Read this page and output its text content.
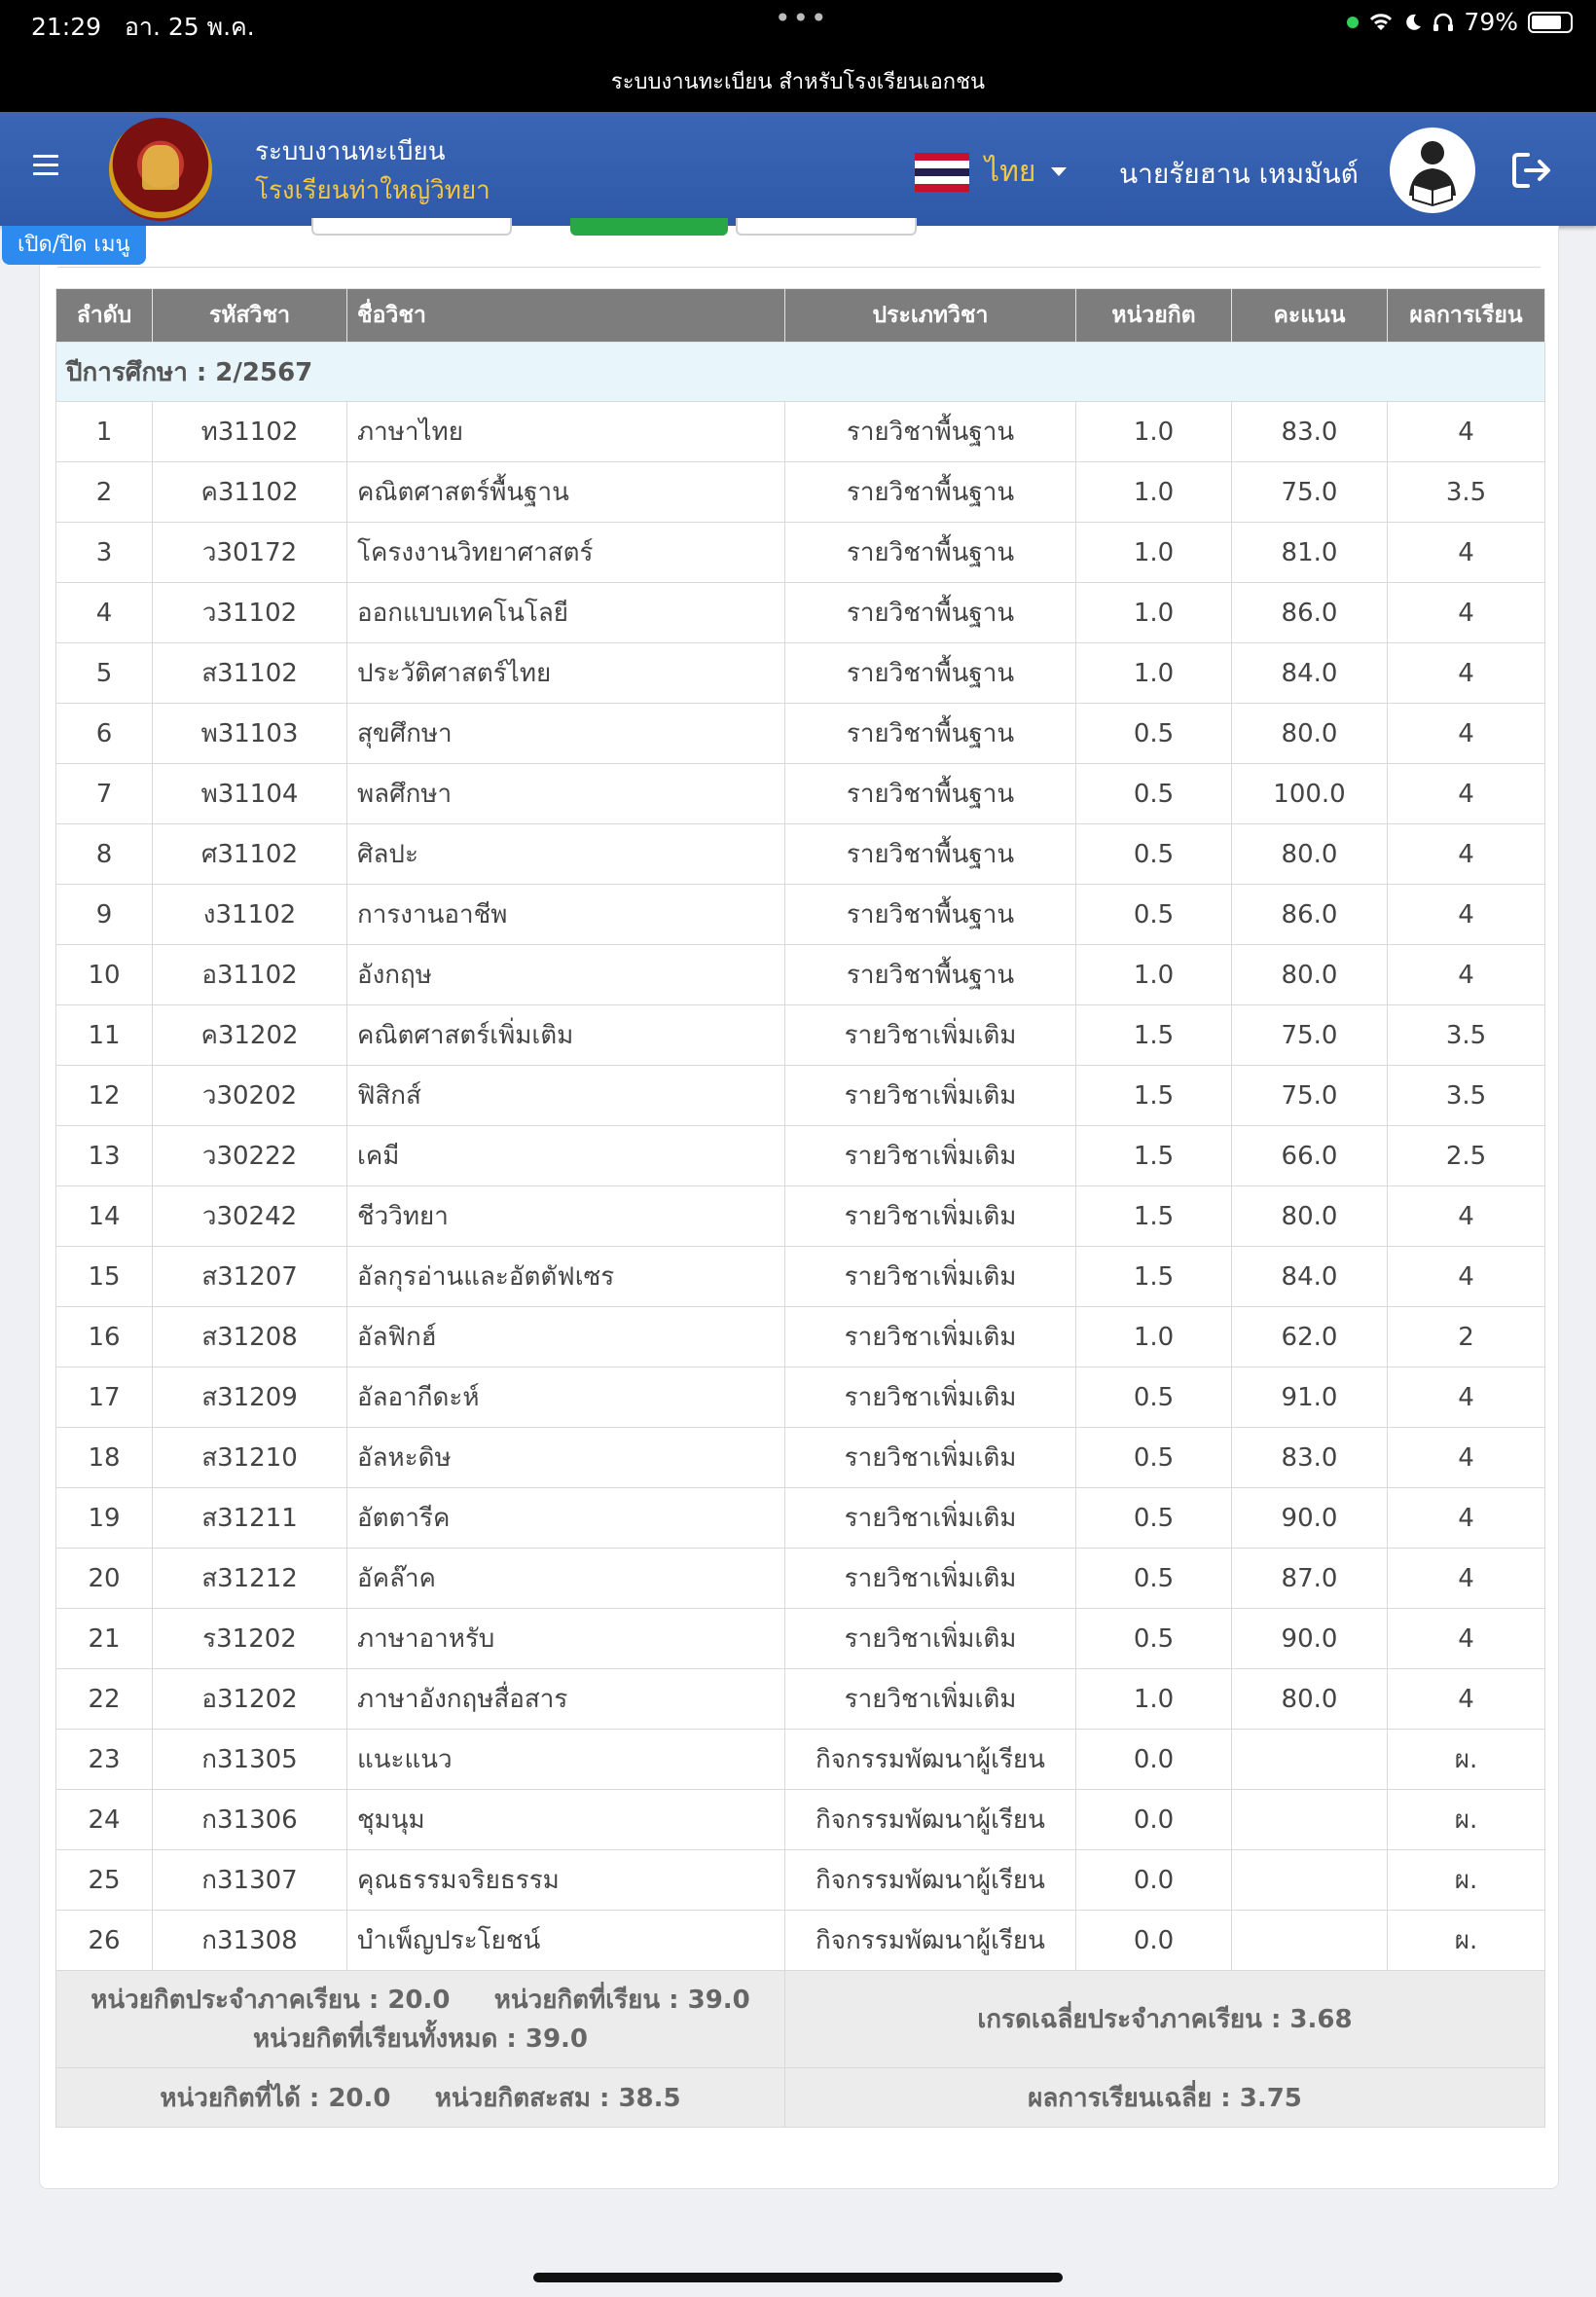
21:29 อา. 25 พ.ค.	•••	79%
ระบบงานทะเบียน สำหรับโรงเรียนเอกชน
ระบบงานทะเบียน
โรงเรียนท่าใหญ่วิทยา
ไทย	นายรัยฮาน เหมมันต์
ลำดับ	รหัสวิชา	ชื่อวิชา	ประเภทวิชา	หน่วยกิต	คะแนน	ผลการเรียน
ปีการศึกษา : 2/2567						
1	ท31102	ภาษาไทย	รายวิชาพื้นฐาน	1.0	83.0	4
2	ค31102	คณิตศาสตร์พื้นฐาน	รายวิชาพื้นฐาน	1.0	75.0	3.5
3	ว30172	โครงงานวิทยาศาสตร์	รายวิชาพื้นฐาน	1.0	81.0	4
4	ว31102	ออกแบบเทคโนโลยี	รายวิชาพื้นฐาน	1.0	86.0	4
5	ส31102	ประวัติศาสตร์ไทย	รายวิชาพื้นฐาน	1.0	84.0	4
6	พ31103	สุขศึกษา	รายวิชาพื้นฐาน	0.5	80.0	4
7	พ31104	พลศึกษา	รายวิชาพื้นฐาน	0.5	100.0	4
8	ศ31102	ศิลปะ	รายวิชาพื้นฐาน	0.5	80.0	4
9	ง31102	การงานอาชีพ	รายวิชาพื้นฐาน	0.5	86.0	4
10	อ31102	อังกฤษ	รายวิชาพื้นฐาน	1.0	80.0	4
11	ค31202	คณิตศาสตร์เพิ่มเติม	รายวิชาเพิ่มเติม	1.5	75.0	3.5
12	ว30202	ฟิสิกส์	รายวิชาเพิ่มเติม	1.5	75.0	3.5
13	ว30222	เคมี	รายวิชาเพิ่มเติม	1.5	66.0	2.5
14	ว30242	ชีววิทยา	รายวิชาเพิ่มเติม	1.5	80.0	4
15	ส31207	อัลกุรอ่านและอัตตัฟเซร	รายวิชาเพิ่มเติม	1.5	84.0	4
16	ส31208	อัลฟิกฮ์	รายวิชาเพิ่มเติม	1.0	62.0	2
17	ส31209	อัลอากีดะห์	รายวิชาเพิ่มเติม	0.5	91.0	4
18	ส31210	อัลหะดิษ	รายวิชาเพิ่มเติม	0.5	83.0	4
19	ส31211	อัตตารีค	รายวิชาเพิ่มเติม	0.5	90.0	4
20	ส31212	อัคล๊าค	รายวิชาเพิ่มเติม	0.5	87.0	4
21	ร31202	ภาษาอาหรับ	รายวิชาเพิ่มเติม	0.5	90.0	4
22	อ31202	ภาษาอังกฤษสื่อสาร	รายวิชาเพิ่มเติม	1.0	80.0	4
23	ก31305	แนะแนว	กิจกรรมพัฒนาผู้เรียน	0.0		ผ.
24	ก31306	ชุมนุม	กิจกรรมพัฒนาผู้เรียน	0.0		ผ.
25	ก31307	คุณธรรมจริยธรรม	กิจกรรมพัฒนาผู้เรียน	0.0		ผ.
26	ก31308	บำเพ็ญประโยชน์	กิจกรรมพัฒนาผู้เรียน	0.0		ผ.

หน่วยกิตประจำภาคเรียน : 20.0 หน่วยกิตที่เรียน : 39.0
หน่วยกิตที่เรียนทั้งหมด : 39.0			เกรดเฉลี่ยประจำภาคเรียน : 3.68			
หน่วยกิตที่ได้ : 20.0 หน่วยกิตสะสม : 38.5			ผลการเรียนเฉลี่ย : 3.75			
เปิด/ปิด เมนู
